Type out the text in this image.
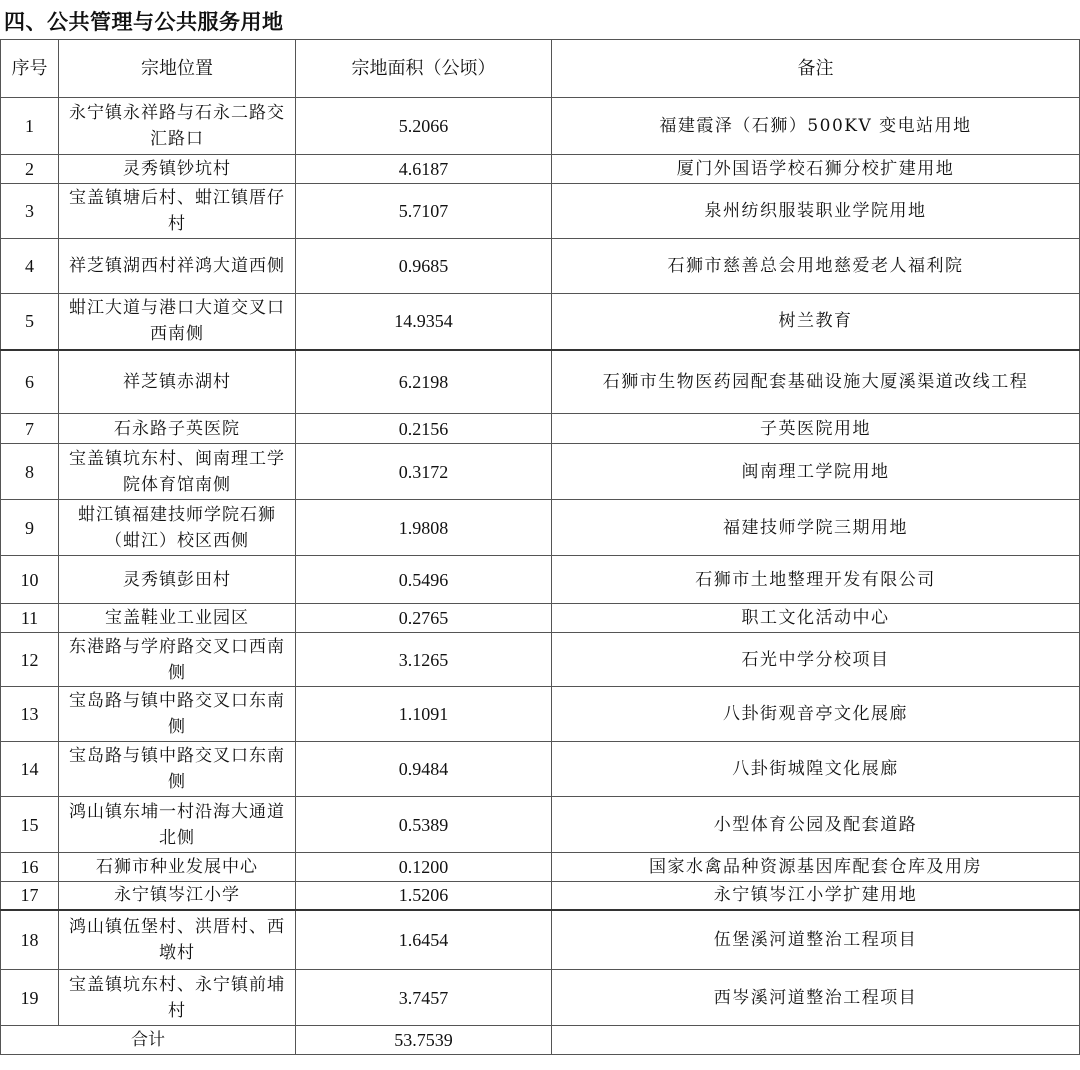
四、公共管理与公共服务用地
序号	宗地位置	宗地面积（公顷）	备注
1	永宁镇永祥路与石永二路交汇路口	5.2066	福建霞泽（石狮）500KV 变电站用地
2	灵秀镇钞坑村	4.6187	厦门外国语学校石狮分校扩建用地
3	宝盖镇塘后村、蚶江镇厝仔村	5.7107	泉州纺织服装职业学院用地
4	祥芝镇湖西村祥鸿大道西侧	0.9685	石狮市慈善总会用地慈爱老人福利院
5	蚶江大道与港口大道交叉口西南侧	14.9354	树兰教育
6	祥芝镇赤湖村	6.2198	石狮市生物医药园配套基础设施大厦溪渠道改线工程
7	石永路子英医院	0.2156	子英医院用地
8	宝盖镇坑东村、闽南理工学院体育馆南侧	0.3172	闽南理工学院用地
9	蚶江镇福建技师学院石狮（蚶江）校区西侧	1.9808	福建技师学院三期用地
10	灵秀镇彭田村	0.5496	石狮市土地整理开发有限公司
11	宝盖鞋业工业园区	0.2765	职工文化活动中心
12	东港路与学府路交叉口西南侧	3.1265	石光中学分校项目
13	宝岛路与镇中路交叉口东南侧	1.1091	八卦街观音亭文化展廊
14	宝岛路与镇中路交叉口东南侧	0.9484	八卦街城隍文化展廊
15	鸿山镇东埔一村沿海大通道北侧	0.5389	小型体育公园及配套道路
16	石狮市种业发展中心	0.1200	国家水禽品种资源基因库配套仓库及用房
17	永宁镇岑江小学	1.5206	永宁镇岑江小学扩建用地
18	鸿山镇伍堡村、洪厝村、西墩村	1.6454	伍堡溪河道整治工程项目
19	宝盖镇坑东村、永宁镇前埔村	3.7457	西岑溪河道整治工程项目
合计		53.7539	
